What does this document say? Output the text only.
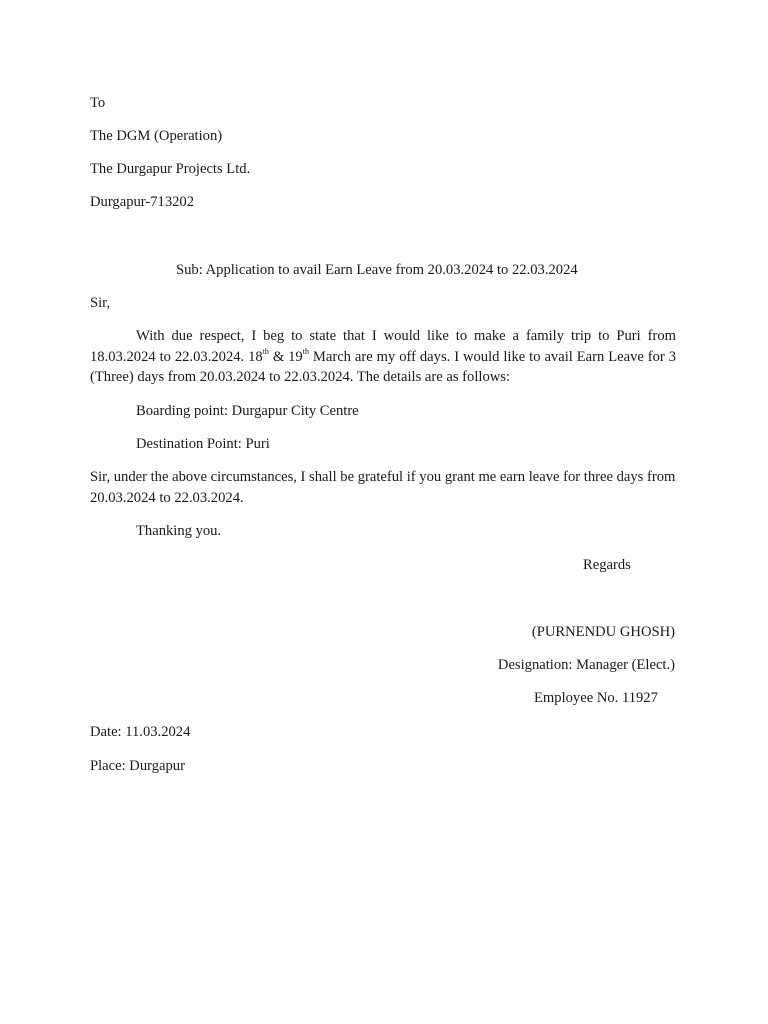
To
The DGM (Operation)
The Durgapur Projects Ltd.
Durgapur-713202
Sub: Application to avail Earn Leave from 20.03.2024 to 22.03.2024
Sir,
With due respect, I beg to state that I would like to make a family trip to Puri from 18.03.2024 to 22.03.2024. 18th & 19th March are my off days. I would like to avail Earn Leave for 3 (Three) days from 20.03.2024 to 22.03.2024. The details are as follows:
Boarding point: Durgapur City Centre
Destination Point: Puri
Sir, under the above circumstances, I shall be grateful if you grant me earn leave for three days from 20.03.2024 to 22.03.2024.
Thanking you.
Regards
(PURNENDU GHOSH)
Designation: Manager (Elect.)
Employee No. 11927
Date: 11.03.2024
Place: Durgapur
